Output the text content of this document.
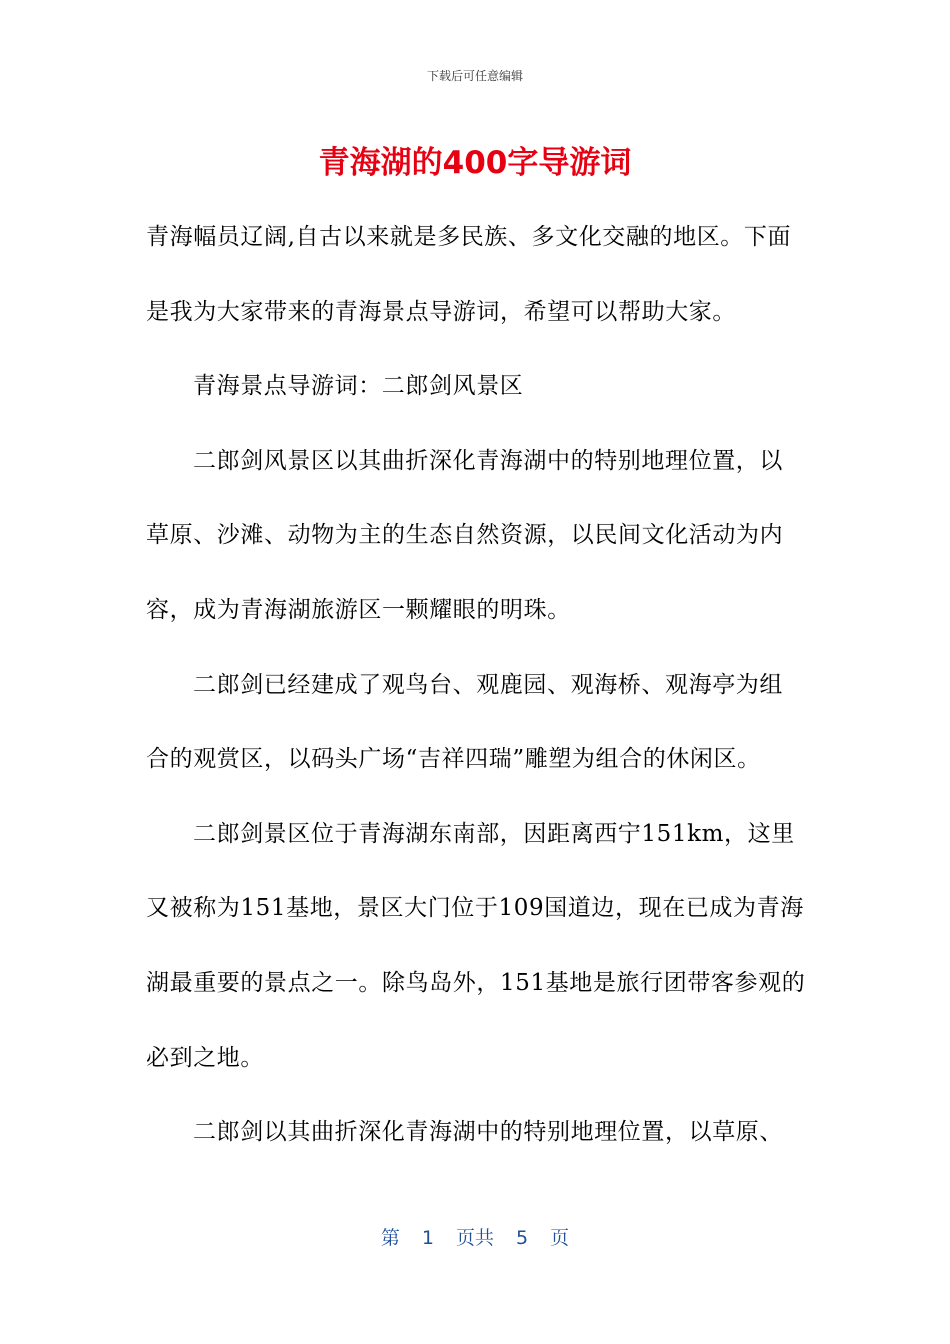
下载后可任意编辑
青海湖的400字导游词

青海幅员辽阔,自古以来就是多民族、多文化交融的地区。下面是我为大家带来的青海景点导游词，希望可以帮助大家。

青海景点导游词：二郎剑风景区

二郎剑风景区以其曲折深化青海湖中的特别地理位置，以草原、沙滩、动物为主的生态自然资源，以民间文化活动为内容，成为青海湖旅游区一颗耀眼的明珠。

二郎剑已经建成了观鸟台、观鹿园、观海桥、观海亭为组合的观赏区，以码头广场“吉祥四瑞”雕塑为组合的休闲区。

二郎剑景区位于青海湖东南部，因距离西宁151km，这里又被称为151基地，景区大门位于109国道边，现在已成为青海湖最重要的景点之一。除鸟岛外，151基地是旅行团带客参观的必到之地。

二郎剑以其曲折深化青海湖中的特别地理位置，以草原、

第 1 页共 5 页
